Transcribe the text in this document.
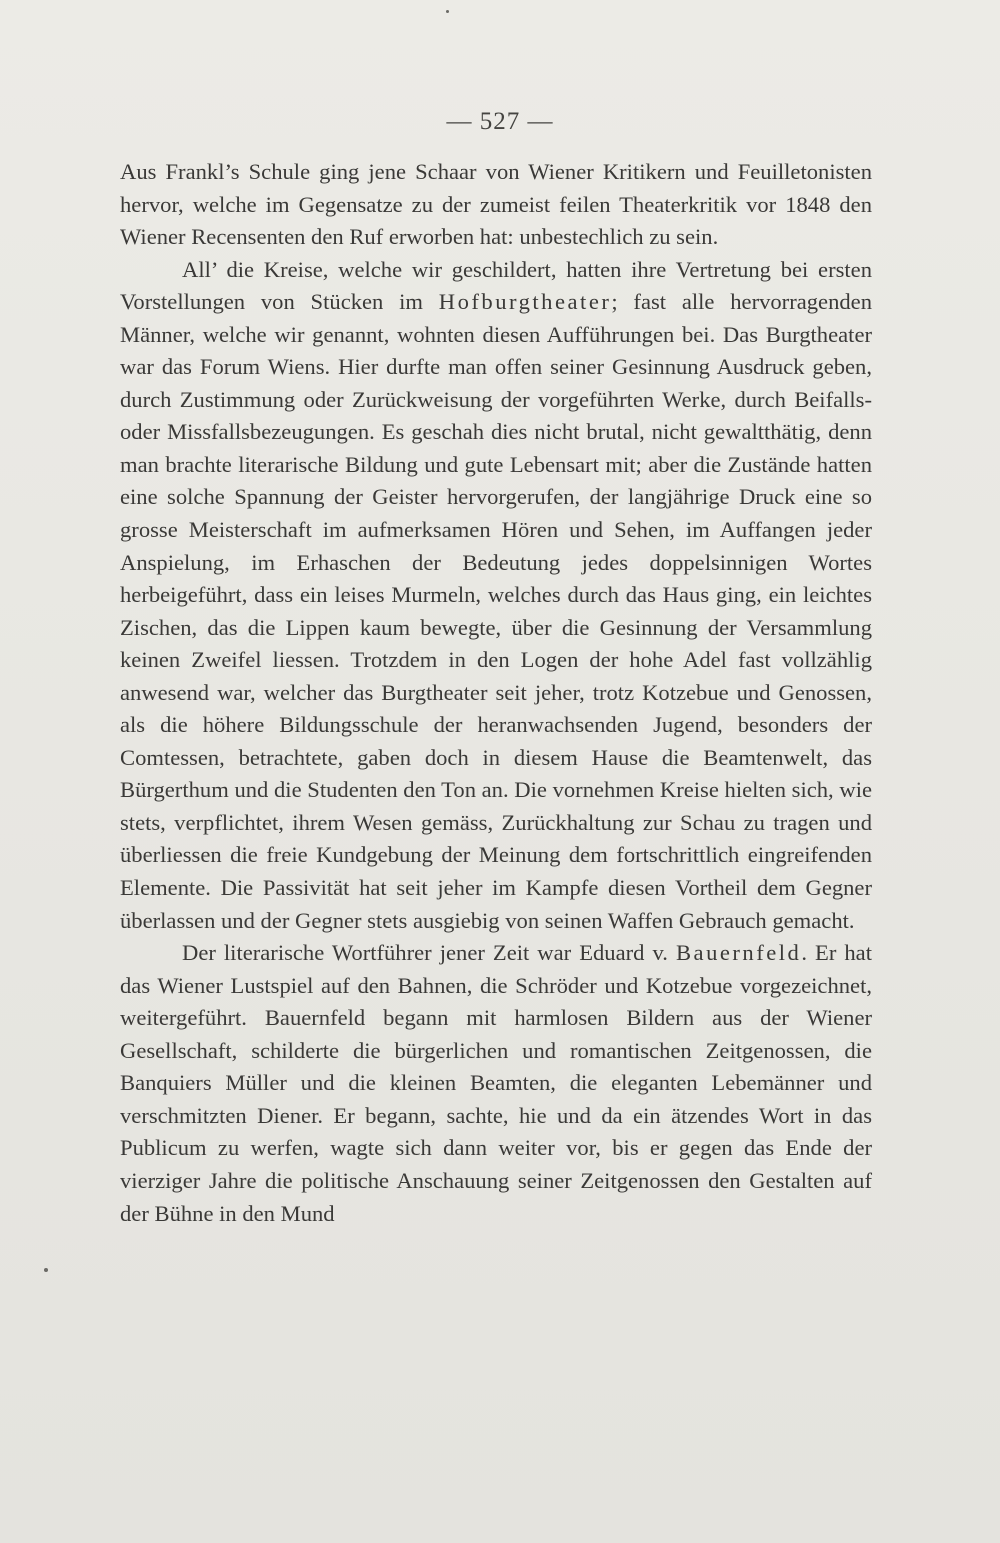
— 527 —

Aus Frankl’s Schule ging jene Schaar von Wiener Kritikern und Feuilletonisten hervor, welche im Gegensatze zu der zumeist feilen Theaterkritik vor 1848 den Wiener Recensenten den Ruf erworben hat: unbestechlich zu sein.

All’ die Kreise, welche wir geschildert, hatten ihre Vertretung bei ersten Vorstellungen von Stücken im Hofburgtheater; fast alle hervorragenden Männer, welche wir genannt, wohnten diesen Aufführungen bei. Das Burgtheater war das Forum Wiens. Hier durfte man offen seiner Gesinnung Ausdruck geben, durch Zustimmung oder Zurückweisung der vorgeführten Werke, durch Beifalls- oder Missfallsbezeugungen. Es geschah dies nicht brutal, nicht gewaltthätig, denn man brachte literarische Bildung und gute Lebensart mit; aber die Zustände hatten eine solche Spannung der Geister hervorgerufen, der langjährige Druck eine so grosse Meisterschaft im aufmerksamen Hören und Sehen, im Auffangen jeder Anspielung, im Erhaschen der Bedeutung jedes doppelsinnigen Wortes herbeigeführt, dass ein leises Murmeln, welches durch das Haus ging, ein leichtes Zischen, das die Lippen kaum bewegte, über die Gesinnung der Versammlung keinen Zweifel liessen. Trotzdem in den Logen der hohe Adel fast vollzählig anwesend war, welcher das Burgtheater seit jeher, trotz Kotzebue und Genossen, als die höhere Bildungsschule der heranwachsenden Jugend, besonders der Comtessen, betrachtete, gaben doch in diesem Hause die Beamtenwelt, das Bürgerthum und die Studenten den Ton an. Die vornehmen Kreise hielten sich, wie stets, verpflichtet, ihrem Wesen gemäss, Zurückhaltung zur Schau zu tragen und überliessen die freie Kundgebung der Meinung dem fortschrittlich eingreifenden Elemente. Die Passivität hat seit jeher im Kampfe diesen Vortheil dem Gegner überlassen und der Gegner stets ausgiebig von seinen Waffen Gebrauch gemacht.

Der literarische Wortführer jener Zeit war Eduard v. Bauernfeld. Er hat das Wiener Lustspiel auf den Bahnen, die Schröder und Kotzebue vorgezeichnet, weitergeführt. Bauernfeld begann mit harmlosen Bildern aus der Wiener Gesellschaft, schilderte die bürgerlichen und romantischen Zeitgenossen, die Banquiers Müller und die kleinen Beamten, die eleganten Lebemänner und verschmitzten Diener. Er begann, sachte, hie und da ein ätzendes Wort in das Publicum zu werfen, wagte sich dann weiter vor, bis er gegen das Ende der vierziger Jahre die politische Anschauung seiner Zeitgenossen den Gestalten auf der Bühne in den Mund
